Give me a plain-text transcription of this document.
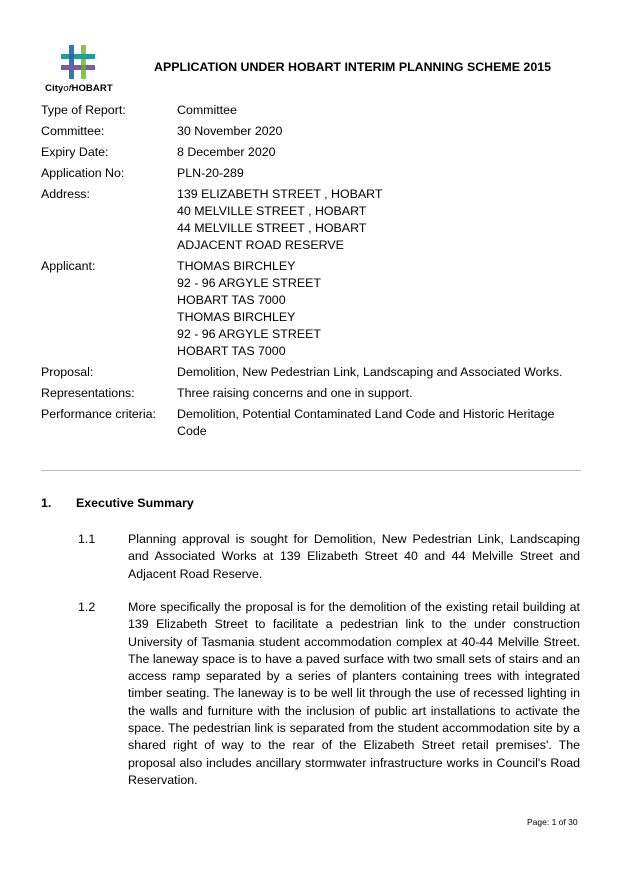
CityofHOBART
APPLICATION UNDER HOBART INTERIM PLANNING SCHEME 2015
Type of Report:	Committee
Committee:	30 November 2020
Expiry Date:	8 December 2020
Application No:	PLN-20-289
Address:	139 ELIZABETH STREET , HOBART
40 MELVILLE STREET , HOBART
44 MELVILLE STREET , HOBART
ADJACENT ROAD RESERVE
Applicant:	THOMAS BIRCHLEY
92 - 96 ARGYLE STREET
HOBART TAS 7000
THOMAS BIRCHLEY
92 - 96 ARGYLE STREET
HOBART TAS 7000
Proposal:	Demolition, New Pedestrian Link, Landscaping and Associated Works.
Representations:	Three raising concerns and one in support.
Performance criteria:	Demolition, Potential Contaminated Land Code and Historic Heritage
Code
1.	Executive Summary
1.1	Planning approval is sought for Demolition, New Pedestrian Link, Landscaping and Associated Works at 139 Elizabeth Street 40 and 44 Melville Street and Adjacent Road Reserve.
1.2	More specifically the proposal is for the demolition of the existing retail building at 139 Elizabeth Street to facilitate a pedestrian link to the under construction University of Tasmania student accommodation complex at 40-44 Melville Street. The laneway space is to have a paved surface with two small sets of stairs and an access ramp separated by a series of planters containing trees with integrated timber seating. The laneway is to be well lit through the use of recessed lighting in the walls and furniture with the inclusion of public art installations to activate the space. The pedestrian link is separated from the student accommodation site by a shared right of way to the rear of the Elizabeth Street retail premises'. The proposal also includes ancillary stormwater infrastructure works in Council's Road Reservation.
Page: 1 of 30
